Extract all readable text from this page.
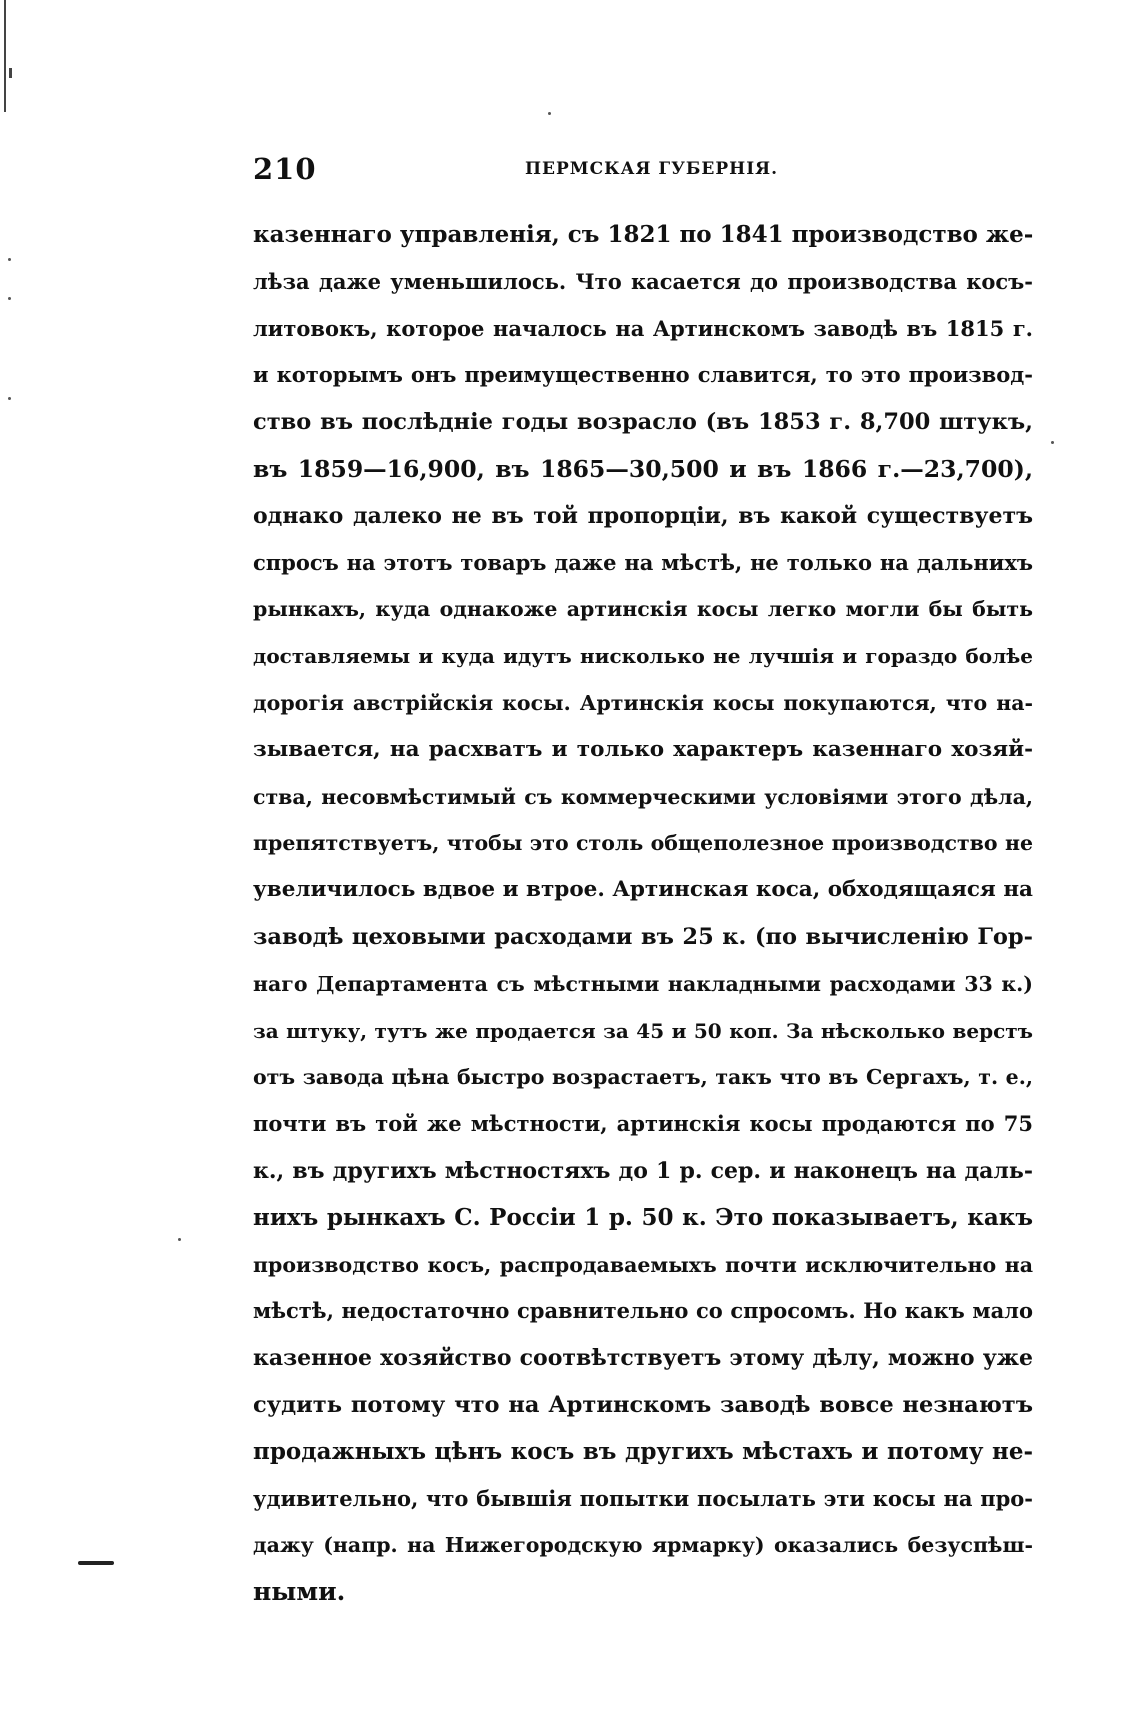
210	ПЕРМСКАЯ ГУБЕРНІЯ.
казеннаго управленія, съ 1821 по 1841 производство же-
лѣза даже уменьшилось. Что касается до производства косъ-
литовокъ, которое началось на Артинскомъ заводѣ въ 1815 г.
и которымъ онъ преимущественно славится, то это производ-
ство въ послѣдніе годы возрасло (въ 1853 г. 8,700 штукъ,
въ 1859—16,900, въ 1865—30,500 и въ 1866 г.—23,700),
однако далеко не въ той пропорціи, въ какой существуетъ
спросъ на этотъ товаръ даже на мѣстѣ, не только на дальнихъ
рынкахъ, куда однакоже артинскія косы легко могли бы быть
доставляемы и куда идутъ нисколько не лучшія и гораздо болѣе
дорогія австрійскія косы. Артинскія косы покупаются, что на-
зывается, на расхватъ и только характеръ казеннаго хозяй-
ства, несовмѣстимый съ коммерческими условіями этого дѣла,
препятствуетъ, чтобы это столь общеполезное производство не
увеличилось вдвое и втрое. Артинская коса, обходящаяся на
заводѣ цеховыми расходами въ 25 к. (по вычисленію Гор-
наго Департамента съ мѣстными накладными расходами 33 к.)
за штуку, тутъ же продается за 45 и 50 коп. За нѣсколько верстъ
отъ завода цѣна быстро возрастаетъ, такъ что въ Сергахъ, т. е.,
почти въ той же мѣстности, артинскія косы продаются по 75
к., въ другихъ мѣстностяхъ до 1 р. сер. и наконецъ на даль-
нихъ рынкахъ С. Россіи 1 р. 50 к. Это показываетъ, какъ
производство косъ, распродаваемыхъ почти исключительно на
мѣстѣ, недостаточно сравнительно со спросомъ. Но какъ мало
казенное хозяйство соотвѣтствуетъ этому дѣлу, можно уже
судить потому что на Артинскомъ заводѣ вовсе незнаютъ
продажныхъ цѣнъ косъ въ другихъ мѣстахъ и потому не-
удивительно, что бывшія попытки посылать эти косы на про-
дажу (напр. на Нижегородскую ярмарку) оказались безуспѣш-
ными.
